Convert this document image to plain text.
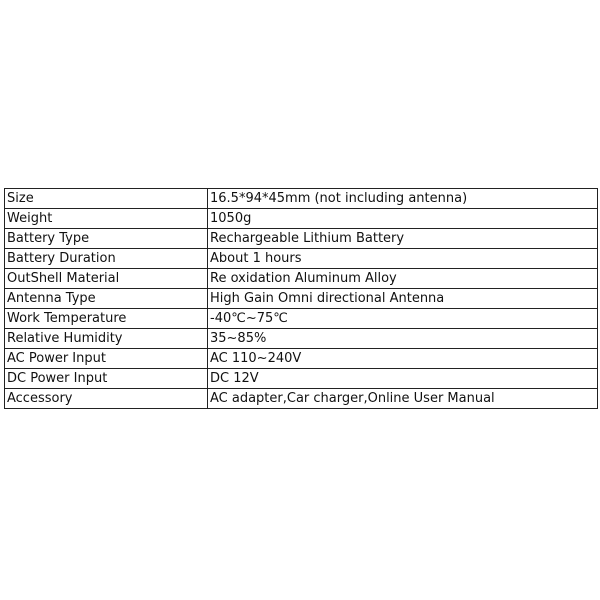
Size	16.5*94*45mm (not including antenna)
Weight	1050g
Battery Type	Rechargeable Lithium Battery
Battery Duration	About 1 hours
OutShell Material	Re oxidation Aluminum Alloy
Antenna Type	High Gain Omni directional Antenna
Work Temperature	-40℃~75℃
Relative Humidity	35~85%
AC Power Input	AC 110~240V
DC Power Input	DC 12V
Accessory	AC adapter,Car charger,Online User Manual
